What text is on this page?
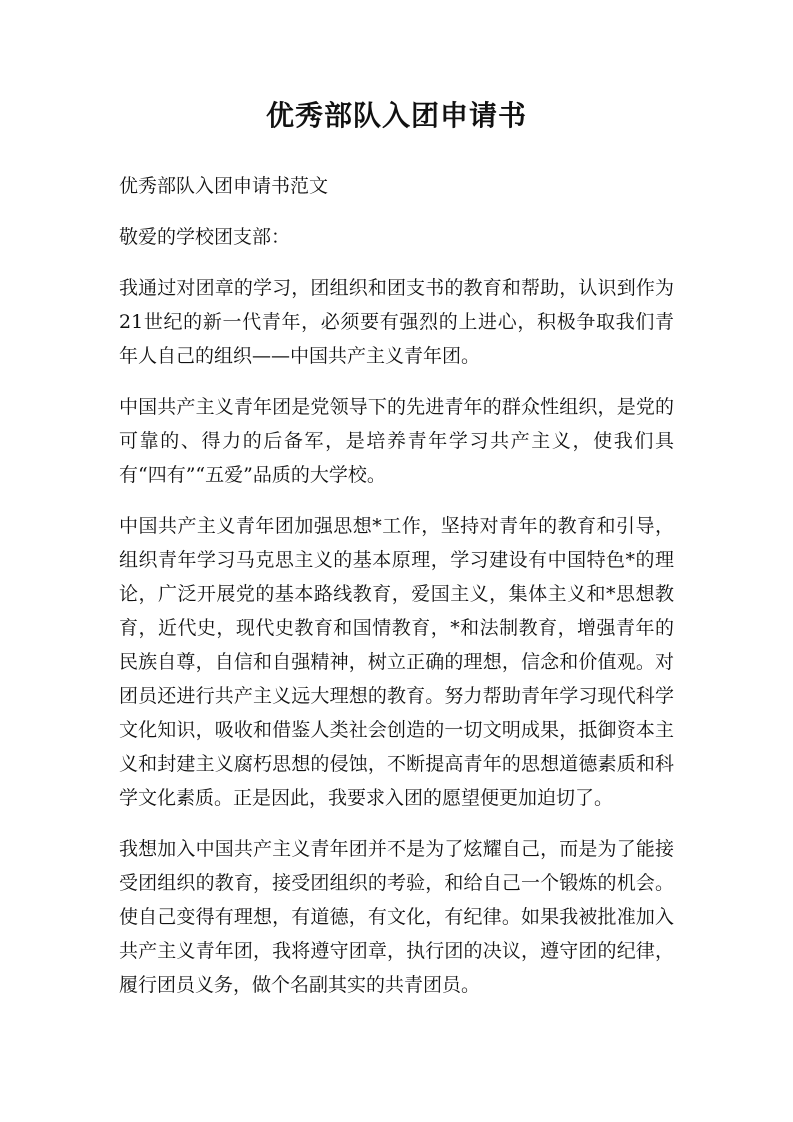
优秀部队入团申请书

优秀部队入团申请书范文

敬爱的学校团支部：

我通过对团章的学习，团组织和团支书的教育和帮助，认识到作为21世纪的新一代青年，必须要有强烈的上进心，积极争取我们青年人自己的组织——中国共产主义青年团。

中国共产主义青年团是党领导下的先进青年的群众性组织，是党的可靠的、得力的后备军，是培养青年学习共产主义，使我们具有“四有”“五爱”品质的大学校。

中国共产主义青年团加强思想*工作，坚持对青年的教育和引导，组织青年学习马克思主义的基本原理，学习建设有中国特色*的理论，广泛开展党的基本路线教育，爱国主义，集体主义和*思想教育，近代史，现代史教育和国情教育，*和法制教育，增强青年的民族自尊，自信和自强精神，树立正确的理想，信念和价值观。对团员还进行共产主义远大理想的教育。努力帮助青年学习现代科学文化知识，吸收和借鉴人类社会创造的一切文明成果，抵御资本主义和封建主义腐朽思想的侵蚀，不断提高青年的思想道德素质和科学文化素质。正是因此，我要求入团的愿望便更加迫切了。

我想加入中国共产主义青年团并不是为了炫耀自己，而是为了能接受团组织的教育，接受团组织的考验，和给自己一个锻炼的机会。使自己变得有理想，有道德，有文化，有纪律。如果我被批准加入共产主义青年团，我将遵守团章，执行团的决议，遵守团的纪律，履行团员义务，做个名副其实的共青团员。
